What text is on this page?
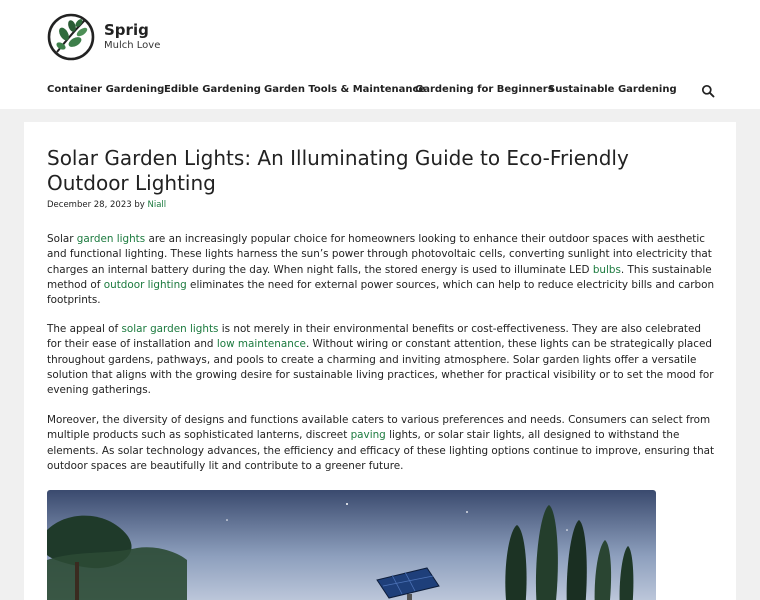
Sprig
Mulch Love
Container Gardening Edible Gardening Garden Tools & Maintenance
Gardening for Beginners
Sustainable Gardening
Solar Garden Lights: An Illuminating Guide to Eco-Friendly Outdoor Lighting
December 28, 2023 by Niall

Solar garden lights are an increasingly popular choice for homeowners looking to enhance their outdoor spaces with aesthetic and functional lighting. These lights harness the sun’s power through photovoltaic cells, converting sunlight into electricity that charges an internal battery during the day. When night falls, the stored energy is used to illuminate LED bulbs. This sustainable method of outdoor lighting eliminates the need for external power sources, which can help to reduce electricity bills and carbon footprints.

The appeal of solar garden lights is not merely in their environmental benefits or cost-effectiveness. They are also celebrated for their ease of installation and low maintenance. Without wiring or constant attention, these lights can be strategically placed throughout gardens, pathways, and pools to create a charming and inviting atmosphere. Solar garden lights offer a versatile solution that aligns with the growing desire for sustainable living practices, whether for practical visibility or to set the mood for evening gatherings.

Moreover, the diversity of designs and functions available caters to various preferences and needs. Consumers can select from multiple products such as sophisticated lanterns, discreet paving lights, or solar stair lights, all designed to withstand the elements. As solar technology advances, the efficiency and efficacy of these lighting options continue to improve, ensuring that outdoor spaces are beautifully lit and contribute to a greener future.
